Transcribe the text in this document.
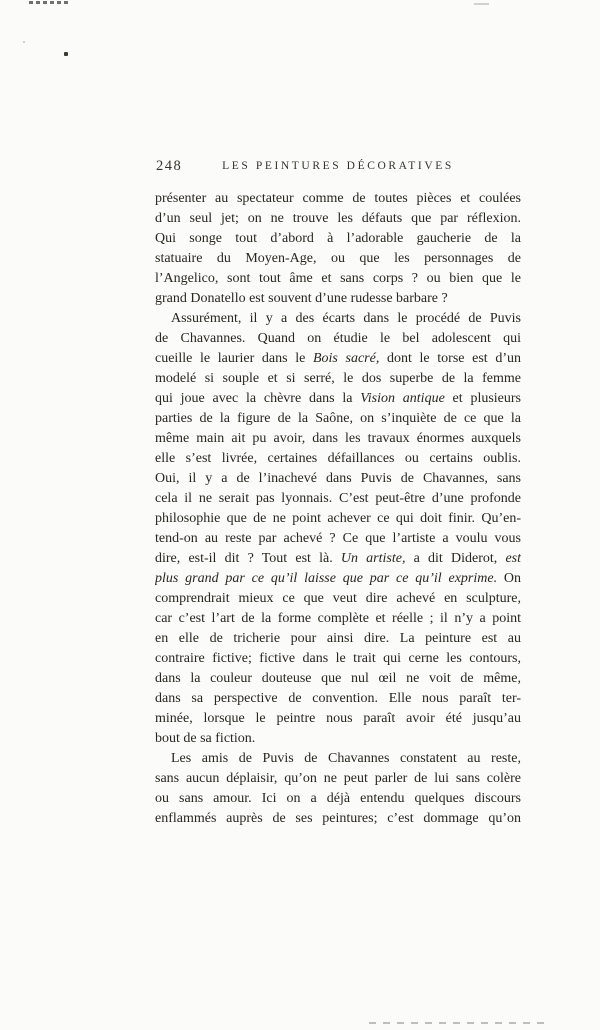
248	LES PEINTURES DÉCORATIVES
présenter au spectateur comme de toutes pièces et coulées
d’un seul jet; on ne trouve les défauts que par réflexion.
Qui songe tout d’abord à l’adorable gaucherie de la
statuaire du Moyen-Age, ou que les personnages de
l’Angelico, sont tout âme et sans corps ? ou bien que le
grand Donatello est souvent d’une rudesse barbare ?
Assurément, il y a des écarts dans le procédé de Puvis
de Chavannes. Quand on étudie le bel adolescent qui
cueille le laurier dans le Bois sacré, dont le torse est d’un
modelé si souple et si serré, le dos superbe de la femme
qui joue avec la chèvre dans la Vision antique et plusieurs
parties de la figure de la Saône, on s’inquiète de ce que la
même main ait pu avoir, dans les travaux énormes auxquels
elle s’est livrée, certaines défaillances ou certains oublis.
Oui, il y a de l’inachevé dans Puvis de Chavannes, sans
cela il ne serait pas lyonnais. C’est peut-être d’une profonde
philosophie que de ne point achever ce qui doit finir. Qu’en-
tend-on au reste par achevé ? Ce que l’artiste a voulu vous
dire, est-il dit ? Tout est là. Un artiste, a dit Diderot, est
plus grand par ce qu’il laisse que par ce qu’il exprime. On
comprendrait mieux ce que veut dire achevé en sculpture,
car c’est l’art de la forme complète et réelle ; il n’y a point
en elle de tricherie pour ainsi dire. La peinture est au
contraire fictive; fictive dans le trait qui cerne les contours,
dans la couleur douteuse que nul œil ne voit de même,
dans sa perspective de convention. Elle nous paraît ter-
minée, lorsque le peintre nous paraît avoir été jusqu’au
bout de sa fiction.
Les amis de Puvis de Chavannes constatent au reste,
sans aucun déplaisir, qu’on ne peut parler de lui sans colère
ou sans amour. Ici on a déjà entendu quelques discours
enflammés auprès de ses peintures; c’est dommage qu’on
